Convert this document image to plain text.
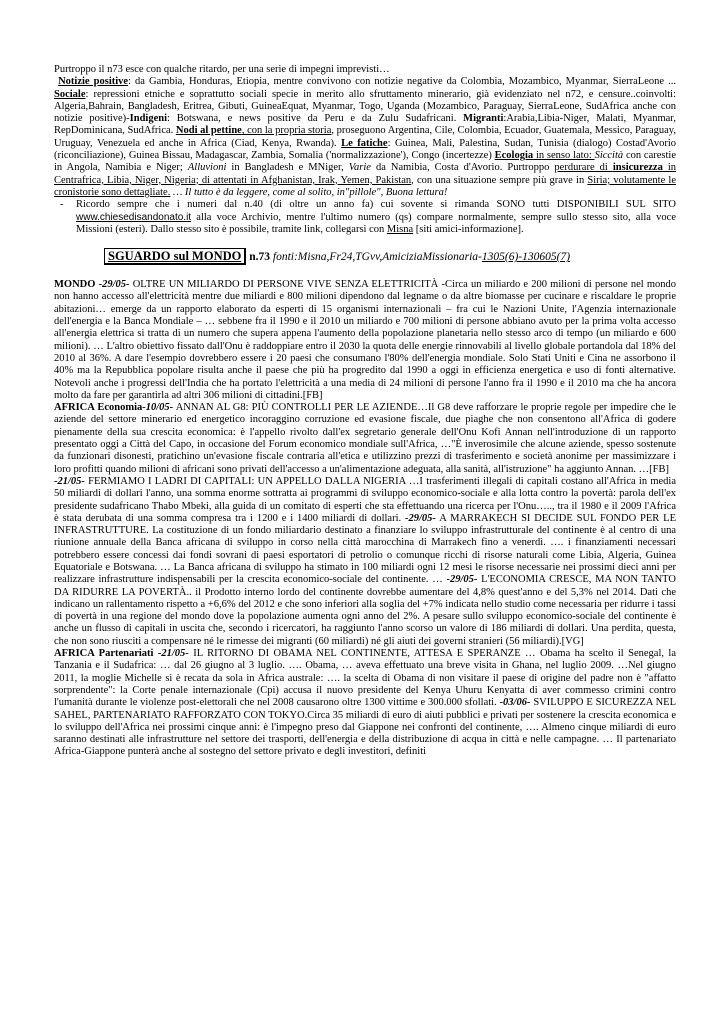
Purtroppo il n73 esce con qualche ritardo, per una serie di impegni imprevisti…
Notizie positive: da Gambia, Honduras, Etiopia, mentre convivono con notizie negative da Colombia, Mozambico, Myanmar, SierraLeone ... Sociale: repressioni etniche e soprattutto sociali specie in merito allo sfruttamento minerario, già evidenziato nel n72, e censure..coinvolti: Algeria,Bahrain, Bangladesh, Eritrea, Gibuti, GuineaEquat, Myanmar, Togo, Uganda (Mozambico, Paraguay, SierraLeone, SudAfrica anche con notizie positive)-Indigeni: Botswana, e news positive da Peru e da Zulu Sudafricani. Migranti:Arabia,Libia-Niger, Malati, Myanmar, RepDominicana, SudAfrica. Nodi al pettine, con la propria storia, proseguono Argentina, Cile, Colombia, Ecuador, Guatemala, Messico, Paraguay, Uruguay, Venezuela ed anche in Africa (Ciad, Kenya, Rwanda). Le fatiche: Guinea, Mali, Palestina, Sudan, Tunisia (dialogo) Costad'Avorio (riconciliazione), Guinea Bissau, Madagascar, Zambia, Somalia ('normalizzazione'), Congo (incertezze) Ecologia in senso lato: Siccità con carestie in Angola, Namibia e Niger; Alluvioni in Bangladesh e MNiger, Varie da Namibia, Costa d'Avorio. Purtroppo perdurare di insicurezza in Centrafrica, Libia, Niger, Nigeria; di attentati in Afghanistan, Irak, Yemen, Pakistan, con una situazione sempre più grave in Siria; volutamente le cronistorie sono dettagliate. … Il tutto è da leggere, come al solito, in"pillole", Buona lettura!

-	Ricordo sempre che i numeri dal n.40 (di oltre un anno fa) cui sovente si rimanda SONO tutti DISPONIBILI SUL SITO www.chiesedisandonato.it alla voce Archivio, mentre l'ultimo numero (qs) compare normalmente, sempre sullo stesso sito, alla voce Missioni (esteri). Dallo stesso sito è possibile, tramite link, collegarsi con Misna [siti amici-informazione].
SGUARDO sul MONDO n.73 fonti:Misna,Fr24,TGvv,AmiciziaMissionaria-1305(6)-130605(7)

MONDO -29/05- OLTRE UN MILIARDO DI PERSONE VIVE SENZA ELETTRICITÀ -Circa un miliardo e 200 milioni di persone nel mondo non hanno accesso all'elettricità mentre due miliardi e 800 milioni dipendono dal legname o da altre biomasse per cucinare e riscaldare le proprie abitazioni… emerge da un rapporto elaborato da esperti di 15 organismi internazionali – fra cui le Nazioni Unite, l'Agenzia internazionale dell'energia e la Banca Mondiale – … sebbene fra il 1990 e il 2010 un miliardo e 700 milioni di persone abbiano avuto per la prima volta accesso all'energia elettrica si tratta di un numero che supera appena l'aumento della popolazione planetaria nello stesso arco di tempo (un miliardo e 600 milioni). … L'altro obiettivo fissato dall'Onu è raddoppiare entro il 2030 la quota delle energie rinnovabili al livello globale portandola dal 18% del 2010 al 36%. A dare l'esempio dovrebbero essere i 20 paesi che consumano l'80% dell'energia mondiale. Solo Stati Uniti e Cina ne assorbono il 40% ma la Repubblica popolare risulta anche il paese che più ha progredito dal 1990 a oggi in efficienza energetica e uso di fonti alternative. Notevoli anche i progressi dell'India che ha portato l'elettricità a una media di 24 milioni di persone l'anno fra il 1990 e il 2010 ma che ha ancora molto da fare per garantirla ad altri 306 milioni di cittadini.[FB]

AFRICA Economia-10/05- ANNAN AL G8: PIÙ CONTROLLI PER LE AZIENDE…Il G8 deve rafforzare le proprie regole per impedire che le aziende del settore minerario ed energetico incoraggino corruzione ed evasione fiscale, due piaghe che non consentono all'Africa di godere pienamente della sua crescita economica: è l'appello rivolto dall'ex segretario generale dell'Onu Kofi Annan nell'introduzione di un rapporto presentato oggi a Città del Capo, in occasione del Forum economico mondiale sull'Africa, …"È inverosimile che alcune aziende, spesso sostenute da funzionari disonesti, pratichino un'evasione fiscale contraria all'etica e utilizzino prezzi di trasferimento e società anonime per massimizzare i loro profitti quando milioni di africani sono privati dell'accesso a un'alimentazione adeguata, alla sanità, all'istruzione" ha aggiunto Annan. …[FB]
-21/05- FERMIAMO I LADRI DI CAPITALI: UN APPELLO DALLA NIGERIA …I trasferimenti illegali di capitali costano all'Africa in media 50 miliardi di dollari l'anno, una somma enorme sottratta ai programmi di sviluppo economico-sociale e alla lotta contro la povertà: parola dell'ex presidente sudafricano Thabo Mbeki, alla guida di un comitato di esperti che sta effettuando una ricerca per l'Onu….., tra il 1980 e il 2009 l'Africa è stata derubata di una somma compresa tra i 1200 e i 1400 miliardi di dollari. -29/05- A MARRAKECH SI DECIDE SUL FONDO PER LE INFRASTRUTTURE. La costituzione di un fondo miliardario destinato a finanziare lo sviluppo infrastrutturale del continente è al centro di una riunione annuale della Banca africana di sviluppo in corso nella città marocchina di Marrakech fino a venerdì. …. i finanziamenti necessari potrebbero essere concessi dai fondi sovrani di paesi esportatori di petrolio o comunque ricchi di risorse naturali come Libia, Algeria, Guinea Equatoriale e Botswana. … La Banca africana di sviluppo ha stimato in 100 miliardi ogni 12 mesi le risorse necessarie nei prossimi dieci anni per realizzare infrastrutture indispensabili per la crescita economico-sociale del continente. … -29/05- L'ECONOMIA CRESCE, MA NON TANTO DA RIDURRE LA POVERTÀ.. il Prodotto interno lordo del continente dovrebbe aumentare del 4,8% quest'anno e del 5,3% nel 2014. Dati che indicano un rallentamento rispetto a +6,6% del 2012 e che sono inferiori alla soglia del +7% indicata nello studio come necessaria per ridurre i tassi di povertà in una regione del mondo dove la popolazione aumenta ogni anno del 2%. A pesare sullo sviluppo economico-sociale del continente è anche un flusso di capitali in uscita che, secondo i ricercatori, ha raggiunto l'anno scorso un valore di 186 miliardi di dollari. Una perdita, questa, che non sono riusciti a compensare né le rimesse dei migranti (60 miliardi) né gli aiuti dei governi stranieri (56 miliardi).[VG]

AFRICA Partenariati -21/05- IL RITORNO DI OBAMA NEL CONTINENTE, ATTESA E SPERANZE … Obama ha scelto il Senegal, la Tanzania e il Sudafrica: … dal 26 giugno al 3 luglio. …. Obama, … aveva effettuato una breve visita in Ghana, nel luglio 2009. …Nel giugno 2011, la moglie Michelle si è recata da sola in Africa australe: …. la scelta di Obama di non visitare il paese di origine del padre non è "affatto sorprendente": la Corte penale internazionale (Cpi) accusa il nuovo presidente del Kenya Uhuru Kenyatta di aver commesso crimini contro l'umanità durante le violenze post-elettorali che nel 2008 causarono oltre 1300 vittime e 300.000 sfollati. -03/06- SVILUPPO E SICUREZZA NEL SAHEL, PARTENARIATO RAFFORZATO CON TOKYO.Circa 35 miliardi di euro di aiuti pubblici e privati per sostenere la crescita economica e lo sviluppo dell'Africa nei prossimi cinque anni: è l'impegno preso dal Giappone nei confronti del continente, …. Almeno cinque miliardi di euro saranno destinati alle infrastrutture nel settore dei trasporti, dell'energia e della distribuzione di acqua in città e nelle campagne. … Il partenariato Africa-Giappone punterà anche al sostegno del settore privato e degli investitori, definiti
